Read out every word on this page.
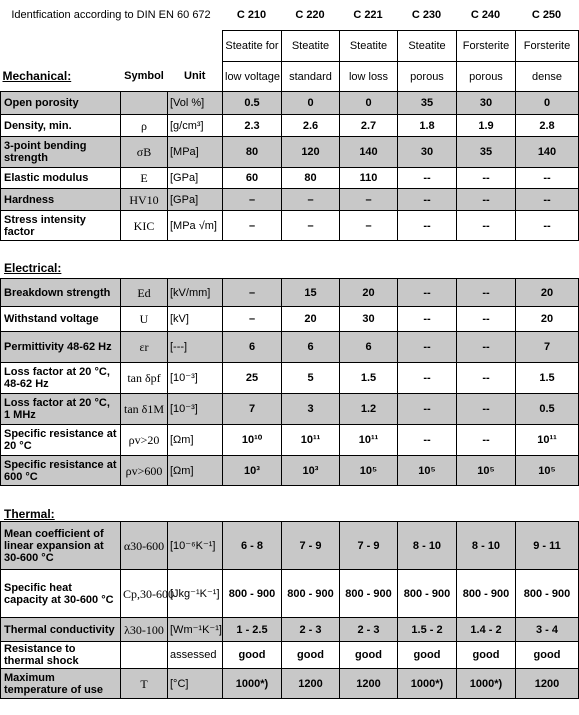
Identfication according to DIN EN 60 672	C 210	C 220	C 221	C 230	C 240	C 250
			Steatite for	Steatite	Steatite	Steatite	Forsterite	Forsterite
Mechanical:	Symbol	Unit	low voltage	standard	low loss	porous	porous	dense
Open porosity		[Vol %]	0.5	0	0	35	30	0
Density, min.	ρ	[g/cm³]	2.3	2.6	2.7	1.8	1.9	2.8
3-point bending strength	σB	[MPa]	80	120	140	30	35	140
Elastic modulus	E	[GPa]	60	80	110	--	--	--
Hardness	HV10	[GPa]	–	–	–	--	--	--
Stress intensity factor	KIC	[MPa √m]	–	–	–	--	--	--
Electrical:
Breakdown strength	Ed	[kV/mm]	–	15	20	--	--	20
Withstand voltage	U	[kV]	–	20	30	--	--	20
Permittivity 48-62 Hz	εr	[---]	6	6	6	--	--	7
Loss factor at 20 °C, 48-62 Hz	tan δpf	[10⁻³]	25	5	1.5	--	--	1.5
Loss factor at 20 °C, 1 MHz	tan δ1M	[10⁻³]	7	3	1.2	--	--	0.5
Specific resistance at 20 °C	ρv>20	[Ωm]	10¹⁰	10¹¹	10¹¹	--	--	10¹¹
Specific resistance at 600 °C	ρv>600	[Ωm]	10³	10³	10⁵	10⁵	10⁵	10⁵
Thermal:
Mean coefficient of linear expansion at 30-600 °C	α30-600	[10⁻⁶K⁻¹]	6 - 8	7 - 9	7 - 9	8 - 10	8 - 10	9 - 11
Specific heat capacity at 30-600 °C	Cp,30-600	[Jkg⁻¹K⁻¹]	800 - 900	800 - 900	800 - 900	800 - 900	800 - 900	800 - 900
Thermal conductivity	λ30-100	[Wm⁻¹K⁻¹]	1 - 2.5	2 - 3	2 - 3	1.5 - 2	1.4 - 2	3 - 4
Resistance to thermal shock		assessed	good	good	good	good	good	good
Maximum temperature of use	T	[°C]	1000*)	1200	1200	1000*)	1000*)	1200
